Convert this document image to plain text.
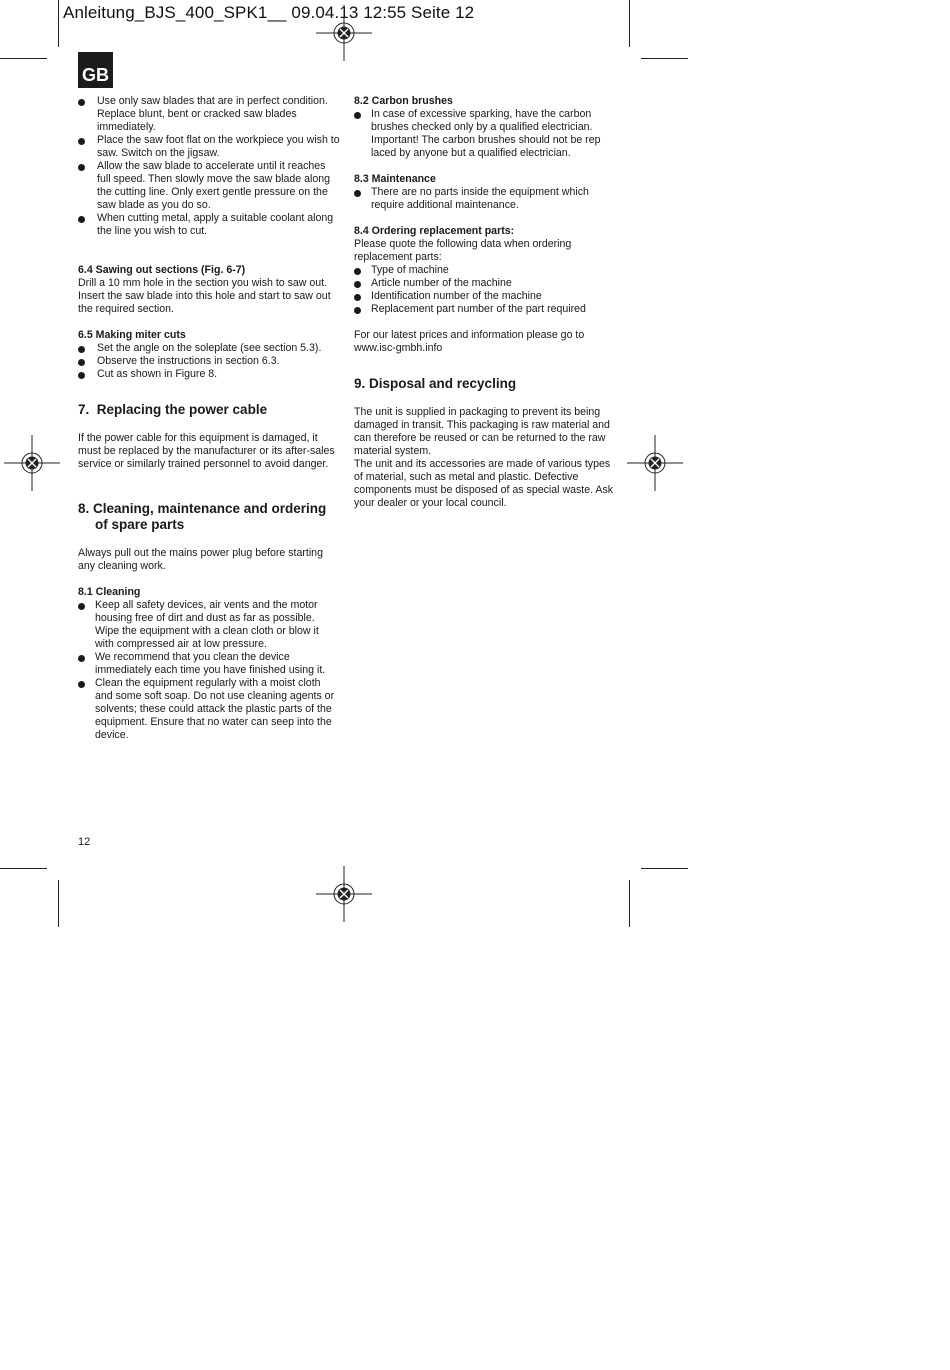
Anleitung_BJS_400_SPK1__ 09.04.13 12:55 Seite 12
GB
Use only saw blades that are in perfect condition. Replace blunt, bent or cracked saw blades immediately.
Place the saw foot flat on the workpiece you wish to saw. Switch on the jigsaw.
Allow the saw blade to accelerate until it reaches full speed. Then slowly move the saw blade along the cutting line. Only exert gentle pressure on the saw blade as you do so.
When cutting metal, apply a suitable coolant along the line you wish to cut.
6.4 Sawing out sections (Fig. 6-7)

Drill a 10 mm hole in the section you wish to saw out. Insert the saw blade into this hole and start to saw out the required section.

6.5 Making miter cuts
Set the angle on the soleplate (see section 5.3).
Observe the instructions in section 6.3.
Cut as shown in Figure 8.
7. Replacing the power cable

If the power cable for this equipment is damaged, it must be replaced by the manufacturer or its after-sales service or similarly trained personnel to avoid danger.

8. Cleaning, maintenance and ordering
of spare parts

Always pull out the mains power plug before starting any cleaning work.

8.1 Cleaning
Keep all safety devices, air vents and the motor housing free of dirt and dust as far as possible. Wipe the equipment with a clean cloth or blow it with compressed air at low pressure.
We recommend that you clean the device immediately each time you have finished using it.
Clean the equipment regularly with a moist cloth and some soft soap. Do not use cleaning agents or solvents; these could attack the plastic parts of the equipment. Ensure that no water can seep into the device.
8.2 Carbon brushes
In case of excessive sparking, have the carbon brushes checked only by a qualified electrician. Important! The carbon brushes should not be rep laced by anyone but a qualified electrician.
8.3 Maintenance
There are no parts inside the equipment which require additional maintenance.
8.4 Ordering replacement parts:

Please quote the following data when ordering replacement parts:

Type of machine
Article number of the machine
Identification number of the machine
Replacement part number of the part required

For our latest prices and information please go to
www.isc-gmbh.info

9. Disposal and recycling

The unit is supplied in packaging to prevent its being damaged in transit. This packaging is raw material and can therefore be reused or can be returned to the raw material system.

The unit and its accessories are made of various types of material, such as metal and plastic. Defective components must be disposed of as special waste. Ask your dealer or your local council.

12
